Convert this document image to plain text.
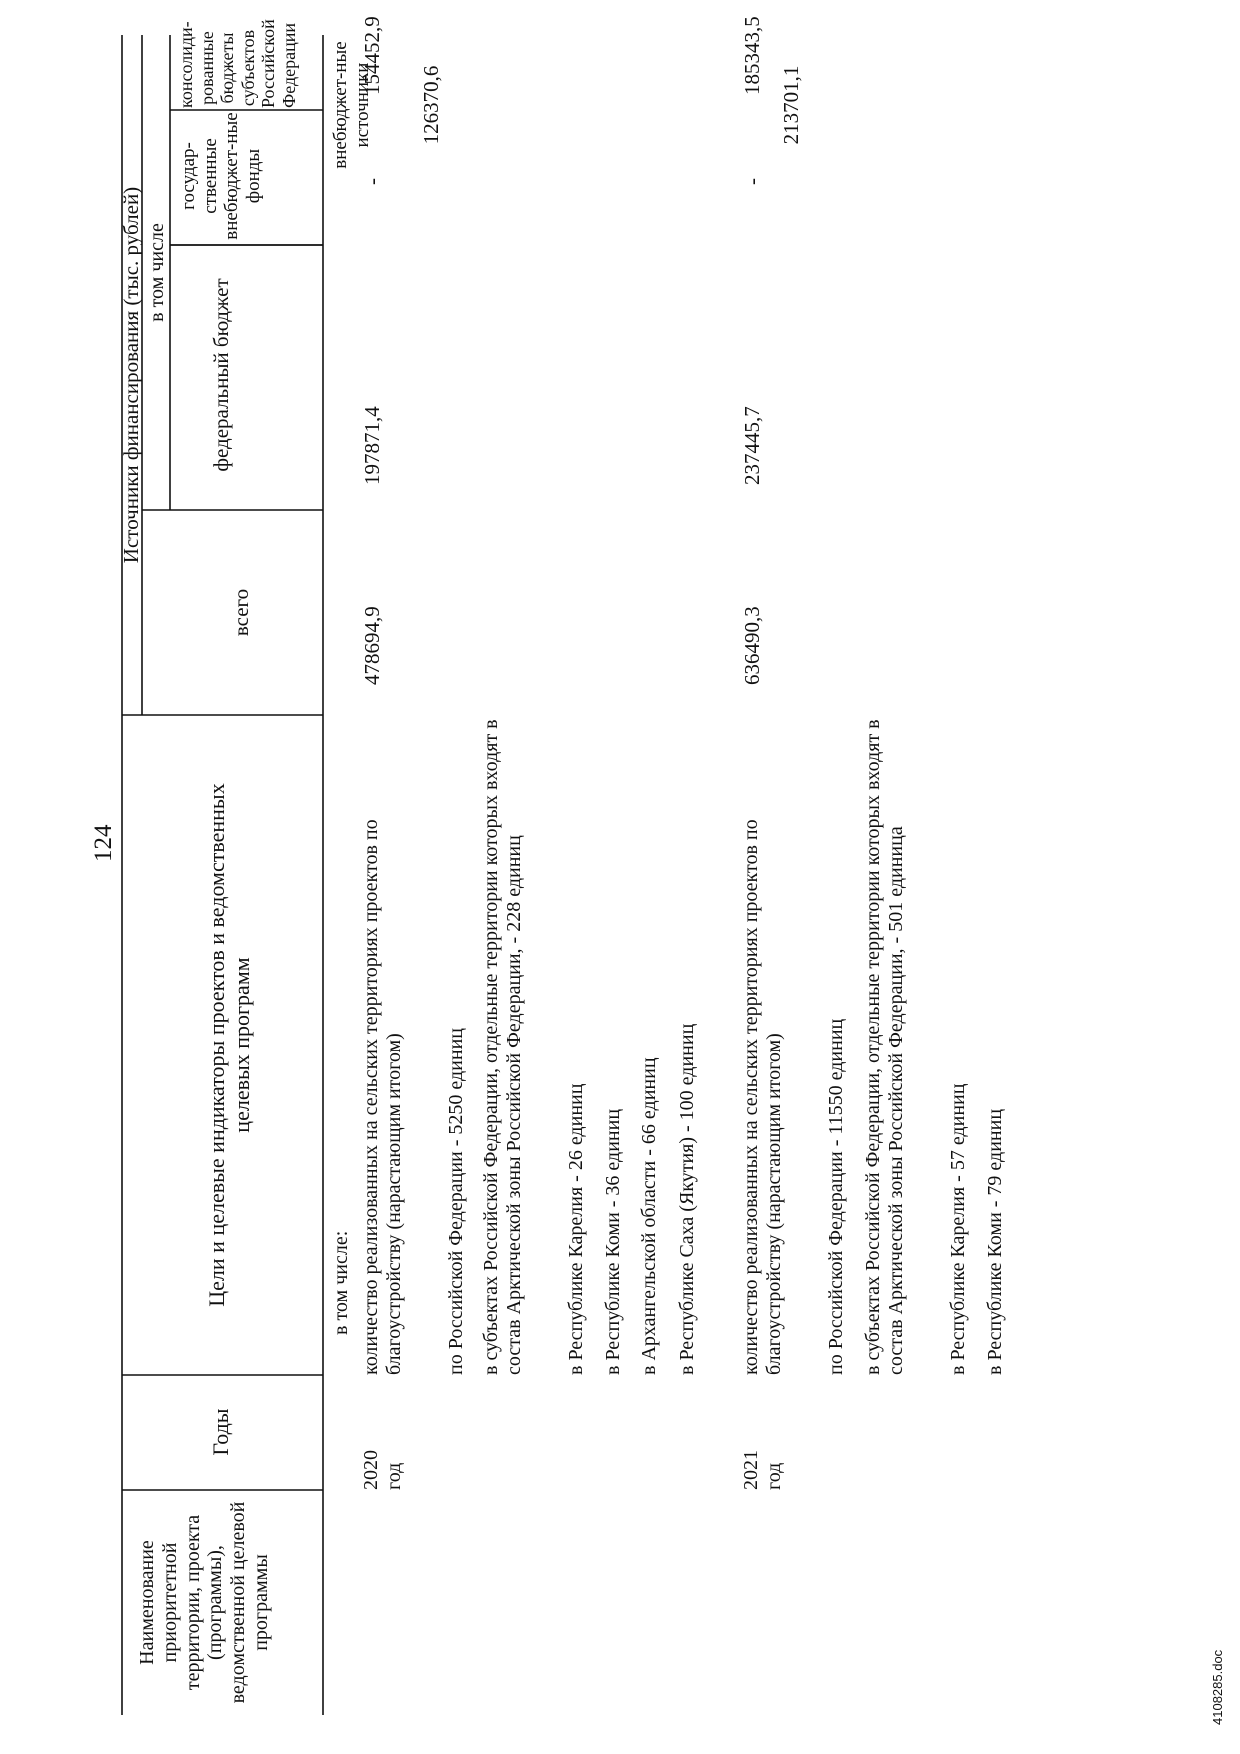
124
4108285.doc
Наименование приоритетной территории, проекта (программы), ведомственной целевой программы
Годы
Цели и целевые индикаторы проектов и ведомственных целевых программ
Источники финансирования (тыс. рублей)
всего
в том числе
федеральный бюджет
государ-ственные внебюджет-ные фонды
консолиди-рованные бюджеты субъектов Российской Федерации
в том числе:
2020 год
количество реализованных на сельских территориях проектов по благоустройству (нарастающим итогом) по Российской Федерации - 5250 единиц в субъектах Российской Федерации, отдельные территории которых входят в состав Арктической зоны Российской Федерации, - 228 единиц в Республике Карелия - 26 единиц в Республике Коми - 36 единиц в Архангельской области - 66 единиц в Республике Саха (Якутия) - 100 единиц
478694,9
197871,4
-
154452,9
2021 год
количество реализованных на сельских территориях проектов по благоустройству (нарастающим итогом) по Российской Федерации - 11550 единиц в субъектах Российской Федерации, отдельные территории которых входят в состав Арктической зоны Российской Федерации, - 501 единица в Республике Карелия - 57 единиц в Республике Коми - 79 единиц
636490,3
237445,7
-
185343,5
внебюджет-ные источники 126370,6	213701,1
